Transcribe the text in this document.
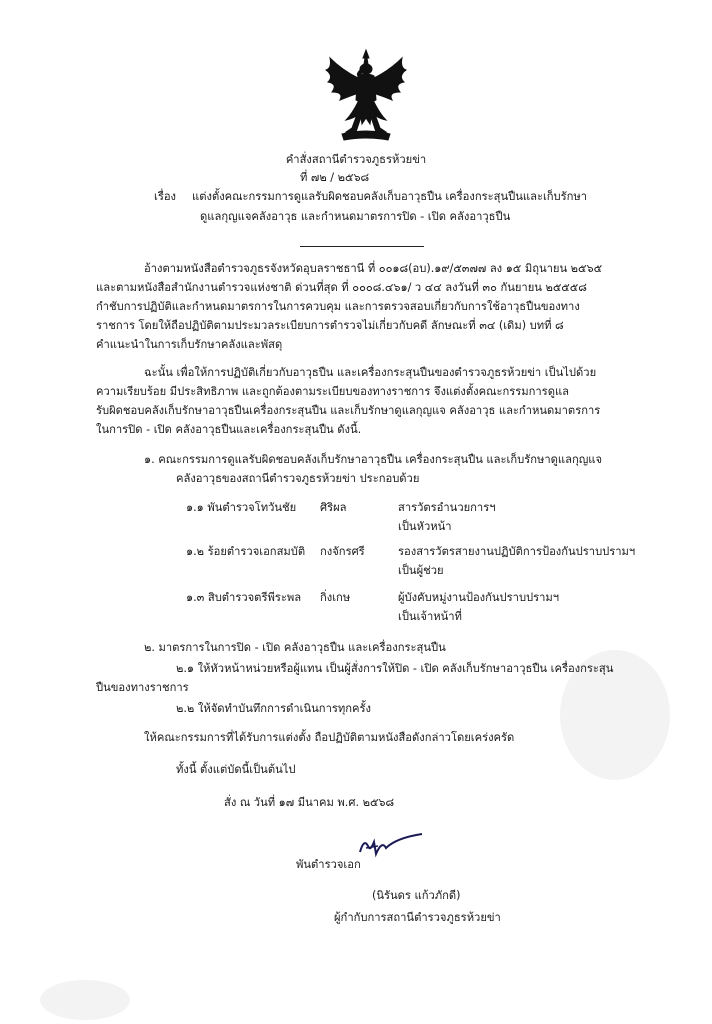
คำสั่งสถานีตำรวจภูธรห้วยข่า
ที่ ๗๒ / ๒๕๖๘
เรื่อง แต่งตั้งคณะกรรมการดูแลรับผิดชอบคลังเก็บอาวุธปืน เครื่องกระสุนปืนและเก็บรักษา
ดูแลกุญแจคลังอาวุธ และกำหนดมาตรการปิด - เปิด คลังอาวุธปืน
อ้างตามหนังสือตำรวจภูธรจังหวัดอุบลราชธานี ที่ ๐๐๑๘(อบ).๑๙/๕๓๗๗ ลง ๑๕ มิถุนายน ๒๕๖๕
และตามหนังสือสำนักงานตำรวจแห่งชาติ ด่วนที่สุด ที่ ๐๐๐๘.๔๖๑/ ว ๔๔ ลงวันที่ ๓๐ กันยายน ๒๕๕๕๘
กำชับการปฏิบัติและกำหนดมาตรการในการควบคุม และการตรวจสอบเกี่ยวกับการใช้อาวุธปืนของทาง
ราชการ โดยให้ถือปฏิบัติตามประมวลระเบียบการตำรวจไม่เกี่ยวกับคดี ลักษณะที่ ๓๔ (เดิม) บทที่ ๘
คำแนะนำในการเก็บรักษาคลังและพัสดุ
ฉะนั้น เพื่อให้การปฏิบัติเกี่ยวกับอาวุธปืน และเครื่องกระสุนปืนของตำรวจภูธรห้วยข่า เป็นไปด้วย
ความเรียบร้อย มีประสิทธิภาพ และถูกต้องตามระเบียบของทางราชการ จึงแต่งตั้งคณะกรรมการดูแล
รับผิดชอบคลังเก็บรักษาอาวุธปืนเครื่องกระสุนปืน และเก็บรักษาดูแลกุญแจ คลังอาวุธ และกำหนดมาตรการ
ในการปิด - เปิด คลังอาวุธปืนและเครื่องกระสุนปืน ดังนี้.
๑. คณะกรรมการดูแลรับผิดชอบคลังเก็บรักษาอาวุธปืน เครื่องกระสุนปืน และเก็บรักษาดูแลกุญแจ
คลังอาวุธของสถานีตำรวจภูธรห้วยข่า ประกอบด้วย
๑.๑ พันตำรวจโทวันชัย ศิริผล	สารวัตรอำนวยการฯ
เป็นหัวหน้า
๑.๒ ร้อยตำรวจเอกสมบัติ กงจักรศรี	รองสารวัตรสายงานปฏิบัติการป้องกันปราบปรามฯ
เป็นผู้ช่วย
๑.๓ สิบตำรวจตรีพีระพล กิ่งเกษ	ผู้บังคับหมู่งานป้องกันปราบปรามฯ
เป็นเจ้าหน้าที่
๒. มาตรการในการปิด - เปิด คลังอาวุธปืน และเครื่องกระสุนปืน
๒.๑ ให้หัวหน้าหน่วยหรือผู้แทน เป็นผู้สั่งการให้ปิด - เปิด คลังเก็บรักษาอาวุธปืน เครื่องกระสุน
ปืนของทางราชการ
๒.๒ ให้จัดทำบันทึกการดำเนินการทุกครั้ง
ให้คณะกรรมการที่ได้รับการแต่งตั้ง ถือปฏิบัติตามหนังสือดังกล่าวโดยเคร่งครัด
ทั้งนี้ ตั้งแต่บัดนี้เป็นต้นไป
สั่ง ณ วันที่ ๑๗ มีนาคม พ.ศ. ๒๕๖๘
พันตำรวจเอก
(นิรันดร แก้วภักดี)
ผู้กำกับการสถานีตำรวจภูธรห้วยข่า
